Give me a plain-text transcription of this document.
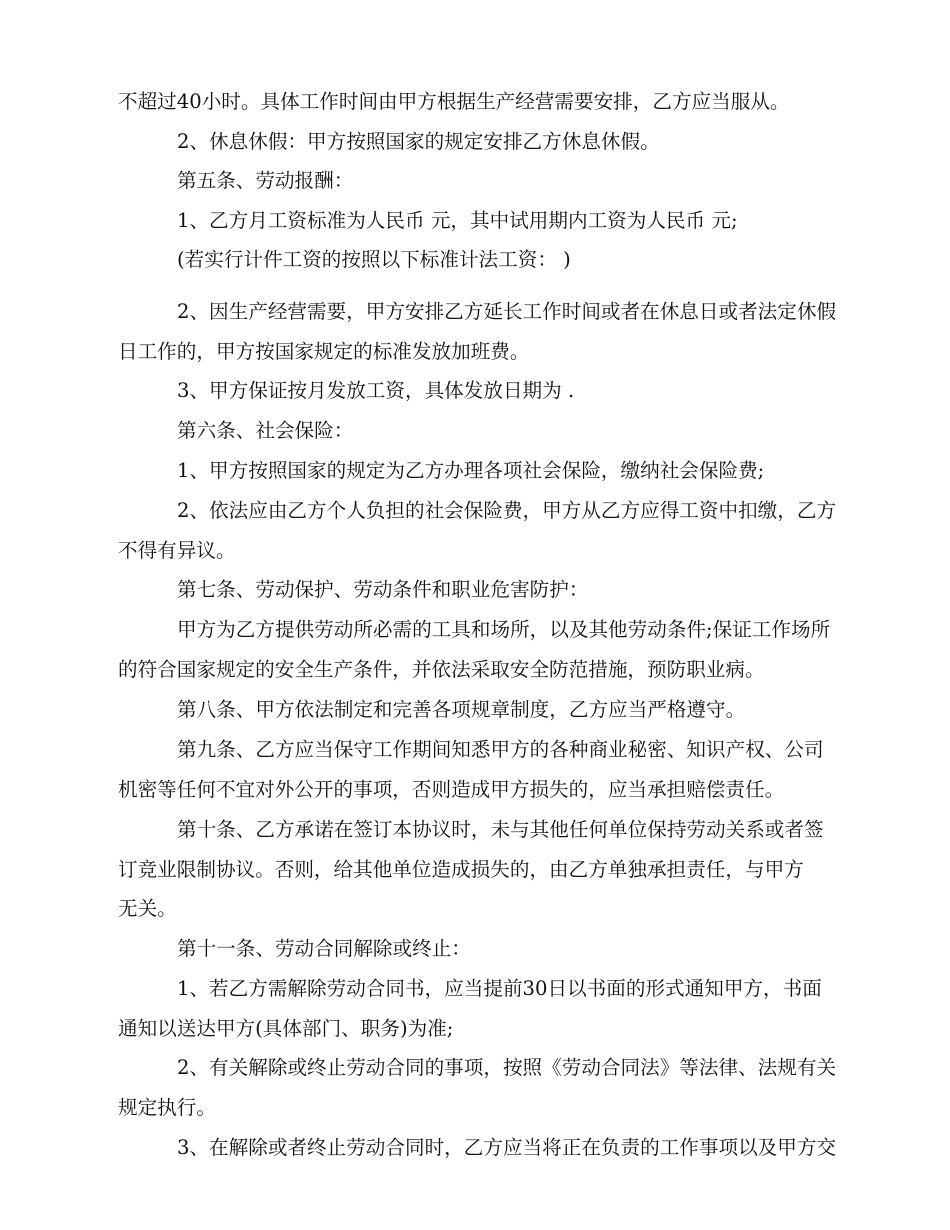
不超过40小时。具体工作时间由甲方根据生产经营需要安排，乙方应当服从。
2、休息休假：甲方按照国家的规定安排乙方休息休假。
第五条、劳动报酬：
1、乙方月工资标准为人民币 元，其中试用期内工资为人民币 元;
(若实行计件工资的按照以下标准计法工资： )
2、因生产经营需要，甲方安排乙方延长工作时间或者在休息日或者法定休假
日工作的，甲方按国家规定的标准发放加班费。
3、甲方保证按月发放工资，具体发放日期为 .
第六条、社会保险：
1、甲方按照国家的规定为乙方办理各项社会保险，缴纳社会保险费;
2、依法应由乙方个人负担的社会保险费，甲方从乙方应得工资中扣缴，乙方
不得有异议。
第七条、劳动保护、劳动条件和职业危害防护：
甲方为乙方提供劳动所必需的工具和场所，以及其他劳动条件;保证工作场所
的符合国家规定的安全生产条件，并依法采取安全防范措施，预防职业病。
第八条、甲方依法制定和完善各项规章制度，乙方应当严格遵守。
第九条、乙方应当保守工作期间知悉甲方的各种商业秘密、知识产权、公司
机密等任何不宜对外公开的事项，否则造成甲方损失的，应当承担赔偿责任。
第十条、乙方承诺在签订本协议时，未与其他任何单位保持劳动关系或者签
订竞业限制协议。否则，给其他单位造成损失的，由乙方单独承担责任，与甲方
无关。
第十一条、劳动合同解除或终止：
1、若乙方需解除劳动合同书，应当提前30日以书面的形式通知甲方，书面
通知以送达甲方(具体部门、职务)为准;
2、有关解除或终止劳动合同的事项，按照《劳动合同法》等法律、法规有关
规定执行。
3、在解除或者终止劳动合同时，乙方应当将正在负责的工作事项以及甲方交
